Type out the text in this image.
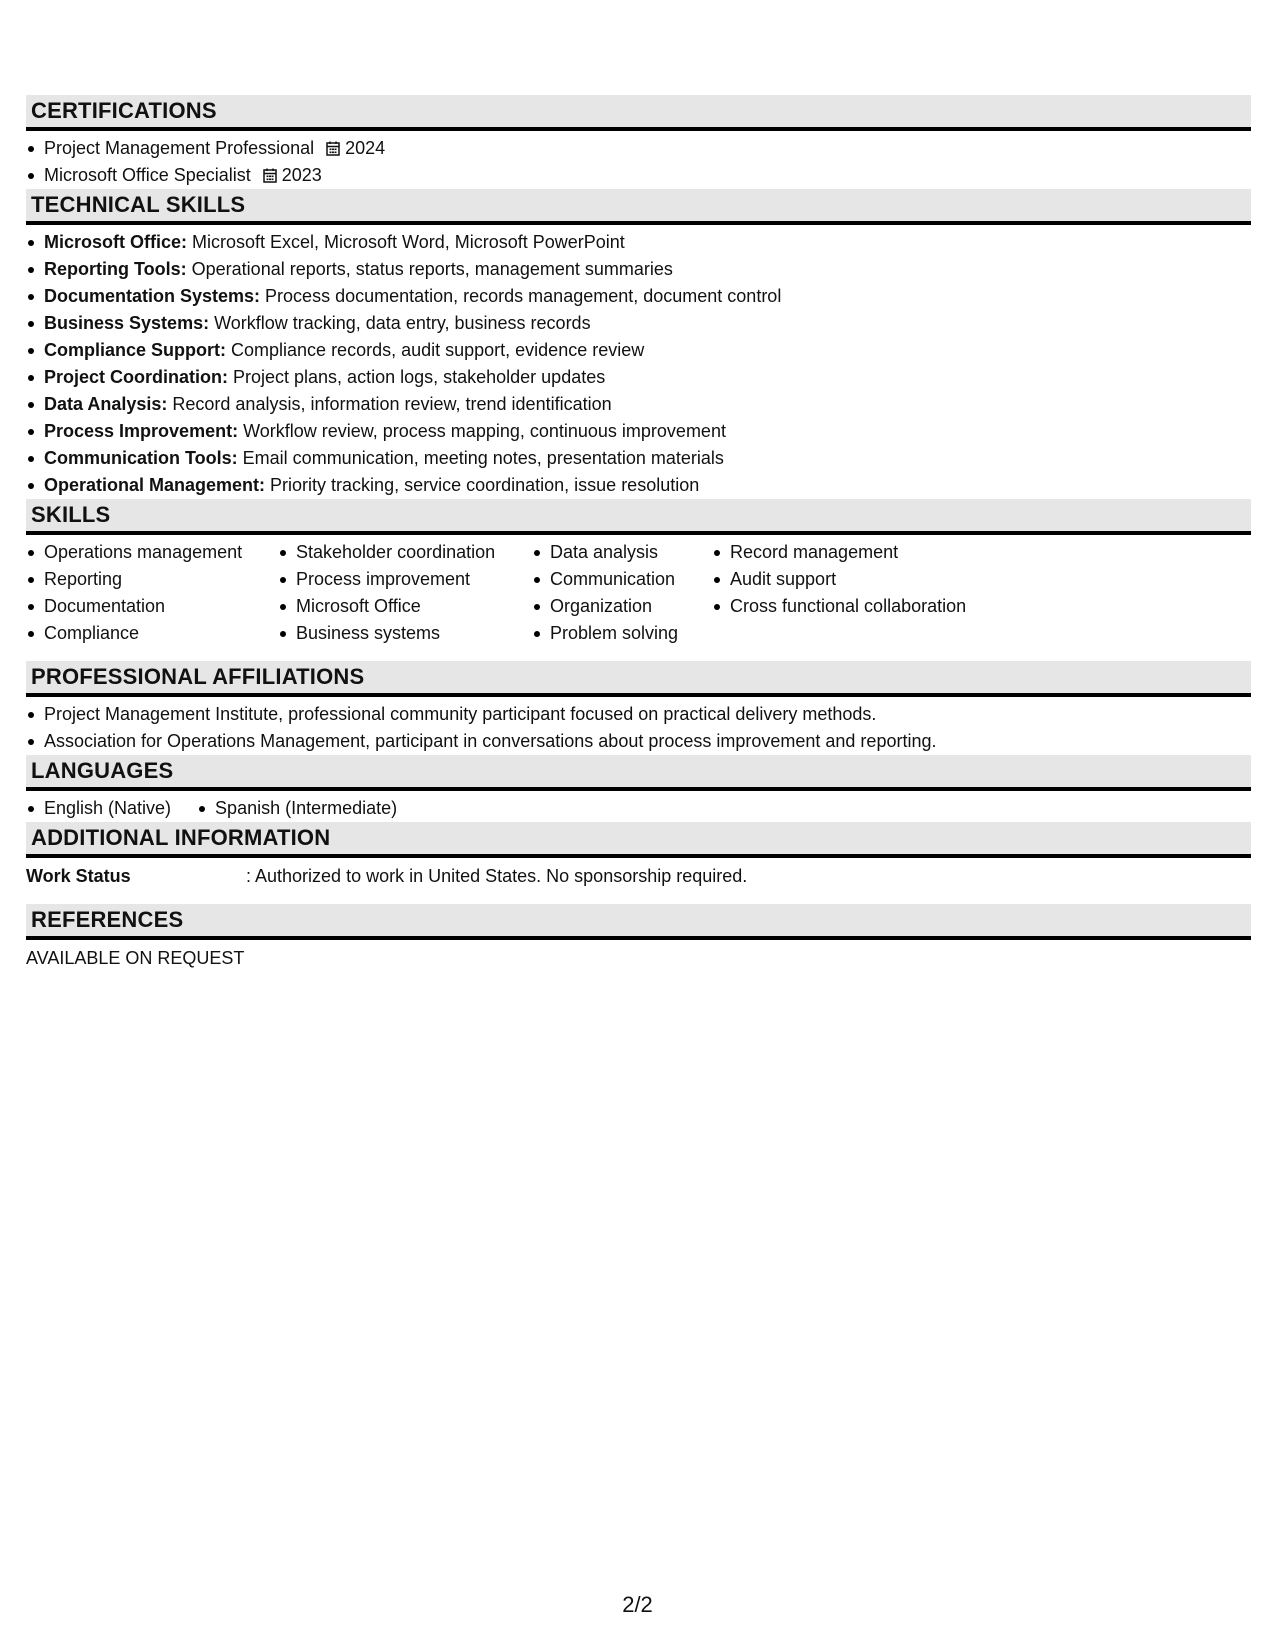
CERTIFICATIONS
Project Management Professional 2024
Microsoft Office Specialist 2023
TECHNICAL SKILLS
Microsoft Office: Microsoft Excel, Microsoft Word, Microsoft PowerPoint
Reporting Tools: Operational reports, status reports, management summaries
Documentation Systems: Process documentation, records management, document control
Business Systems: Workflow tracking, data entry, business records
Compliance Support: Compliance records, audit support, evidence review
Project Coordination: Project plans, action logs, stakeholder updates
Data Analysis: Record analysis, information review, trend identification
Process Improvement: Workflow review, process mapping, continuous improvement
Communication Tools: Email communication, meeting notes, presentation materials
Operational Management: Priority tracking, service coordination, issue resolution
SKILLS
Operations management
Reporting
Documentation
Compliance
Stakeholder coordination
Process improvement
Microsoft Office
Business systems
Data analysis
Communication
Organization
Problem solving
Record management
Audit support
Cross functional collaboration
PROFESSIONAL AFFILIATIONS
Project Management Institute, professional community participant focused on practical delivery methods.
Association for Operations Management, participant in conversations about process improvement and reporting.
LANGUAGES
English (Native)	Spanish (Intermediate)
ADDITIONAL INFORMATION
Work Status	: Authorized to work in United States. No sponsorship required.
REFERENCES
AVAILABLE ON REQUEST
2/2
